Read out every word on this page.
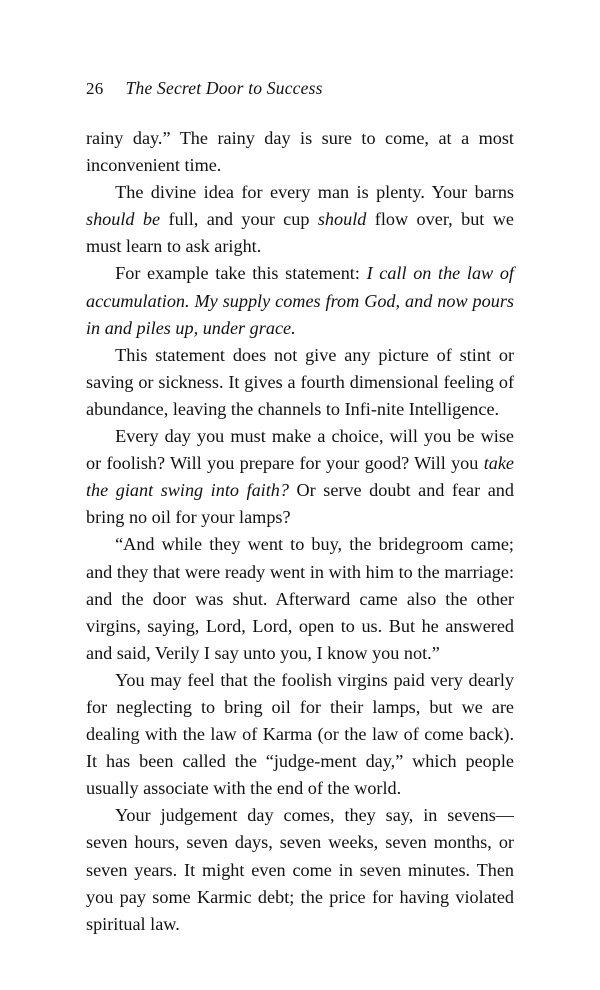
26 The Secret Door to Success

rainy day.” The rainy day is sure to come, at a most inconvenient time.

The divine idea for every man is plenty. Your barns should be full, and your cup should flow over, but we must learn to ask aright.

For example take this statement: I call on the law of accumulation. My supply comes from God, and now pours in and piles up, under grace.

This statement does not give any picture of stint or saving or sickness. It gives a fourth dimensional feeling of abundance, leaving the channels to Infi-nite Intelligence.

Every day you must make a choice, will you be wise or foolish? Will you prepare for your good? Will you take the giant swing into faith? Or serve doubt and fear and bring no oil for your lamps?

“And while they went to buy, the bridegroom came; and they that were ready went in with him to the marriage: and the door was shut. Afterward came also the other virgins, saying, Lord, Lord, open to us. But he answered and said, Verily I say unto you, I know you not.”

You may feel that the foolish virgins paid very dearly for neglecting to bring oil for their lamps, but we are dealing with the law of Karma (or the law of come back). It has been called the “judge-ment day,” which people usually associate with the end of the world.

Your judgement day comes, they say, in sevens—seven hours, seven days, seven weeks, seven months, or seven years. It might even come in seven minutes. Then you pay some Karmic debt; the price for having violated spiritual law.
